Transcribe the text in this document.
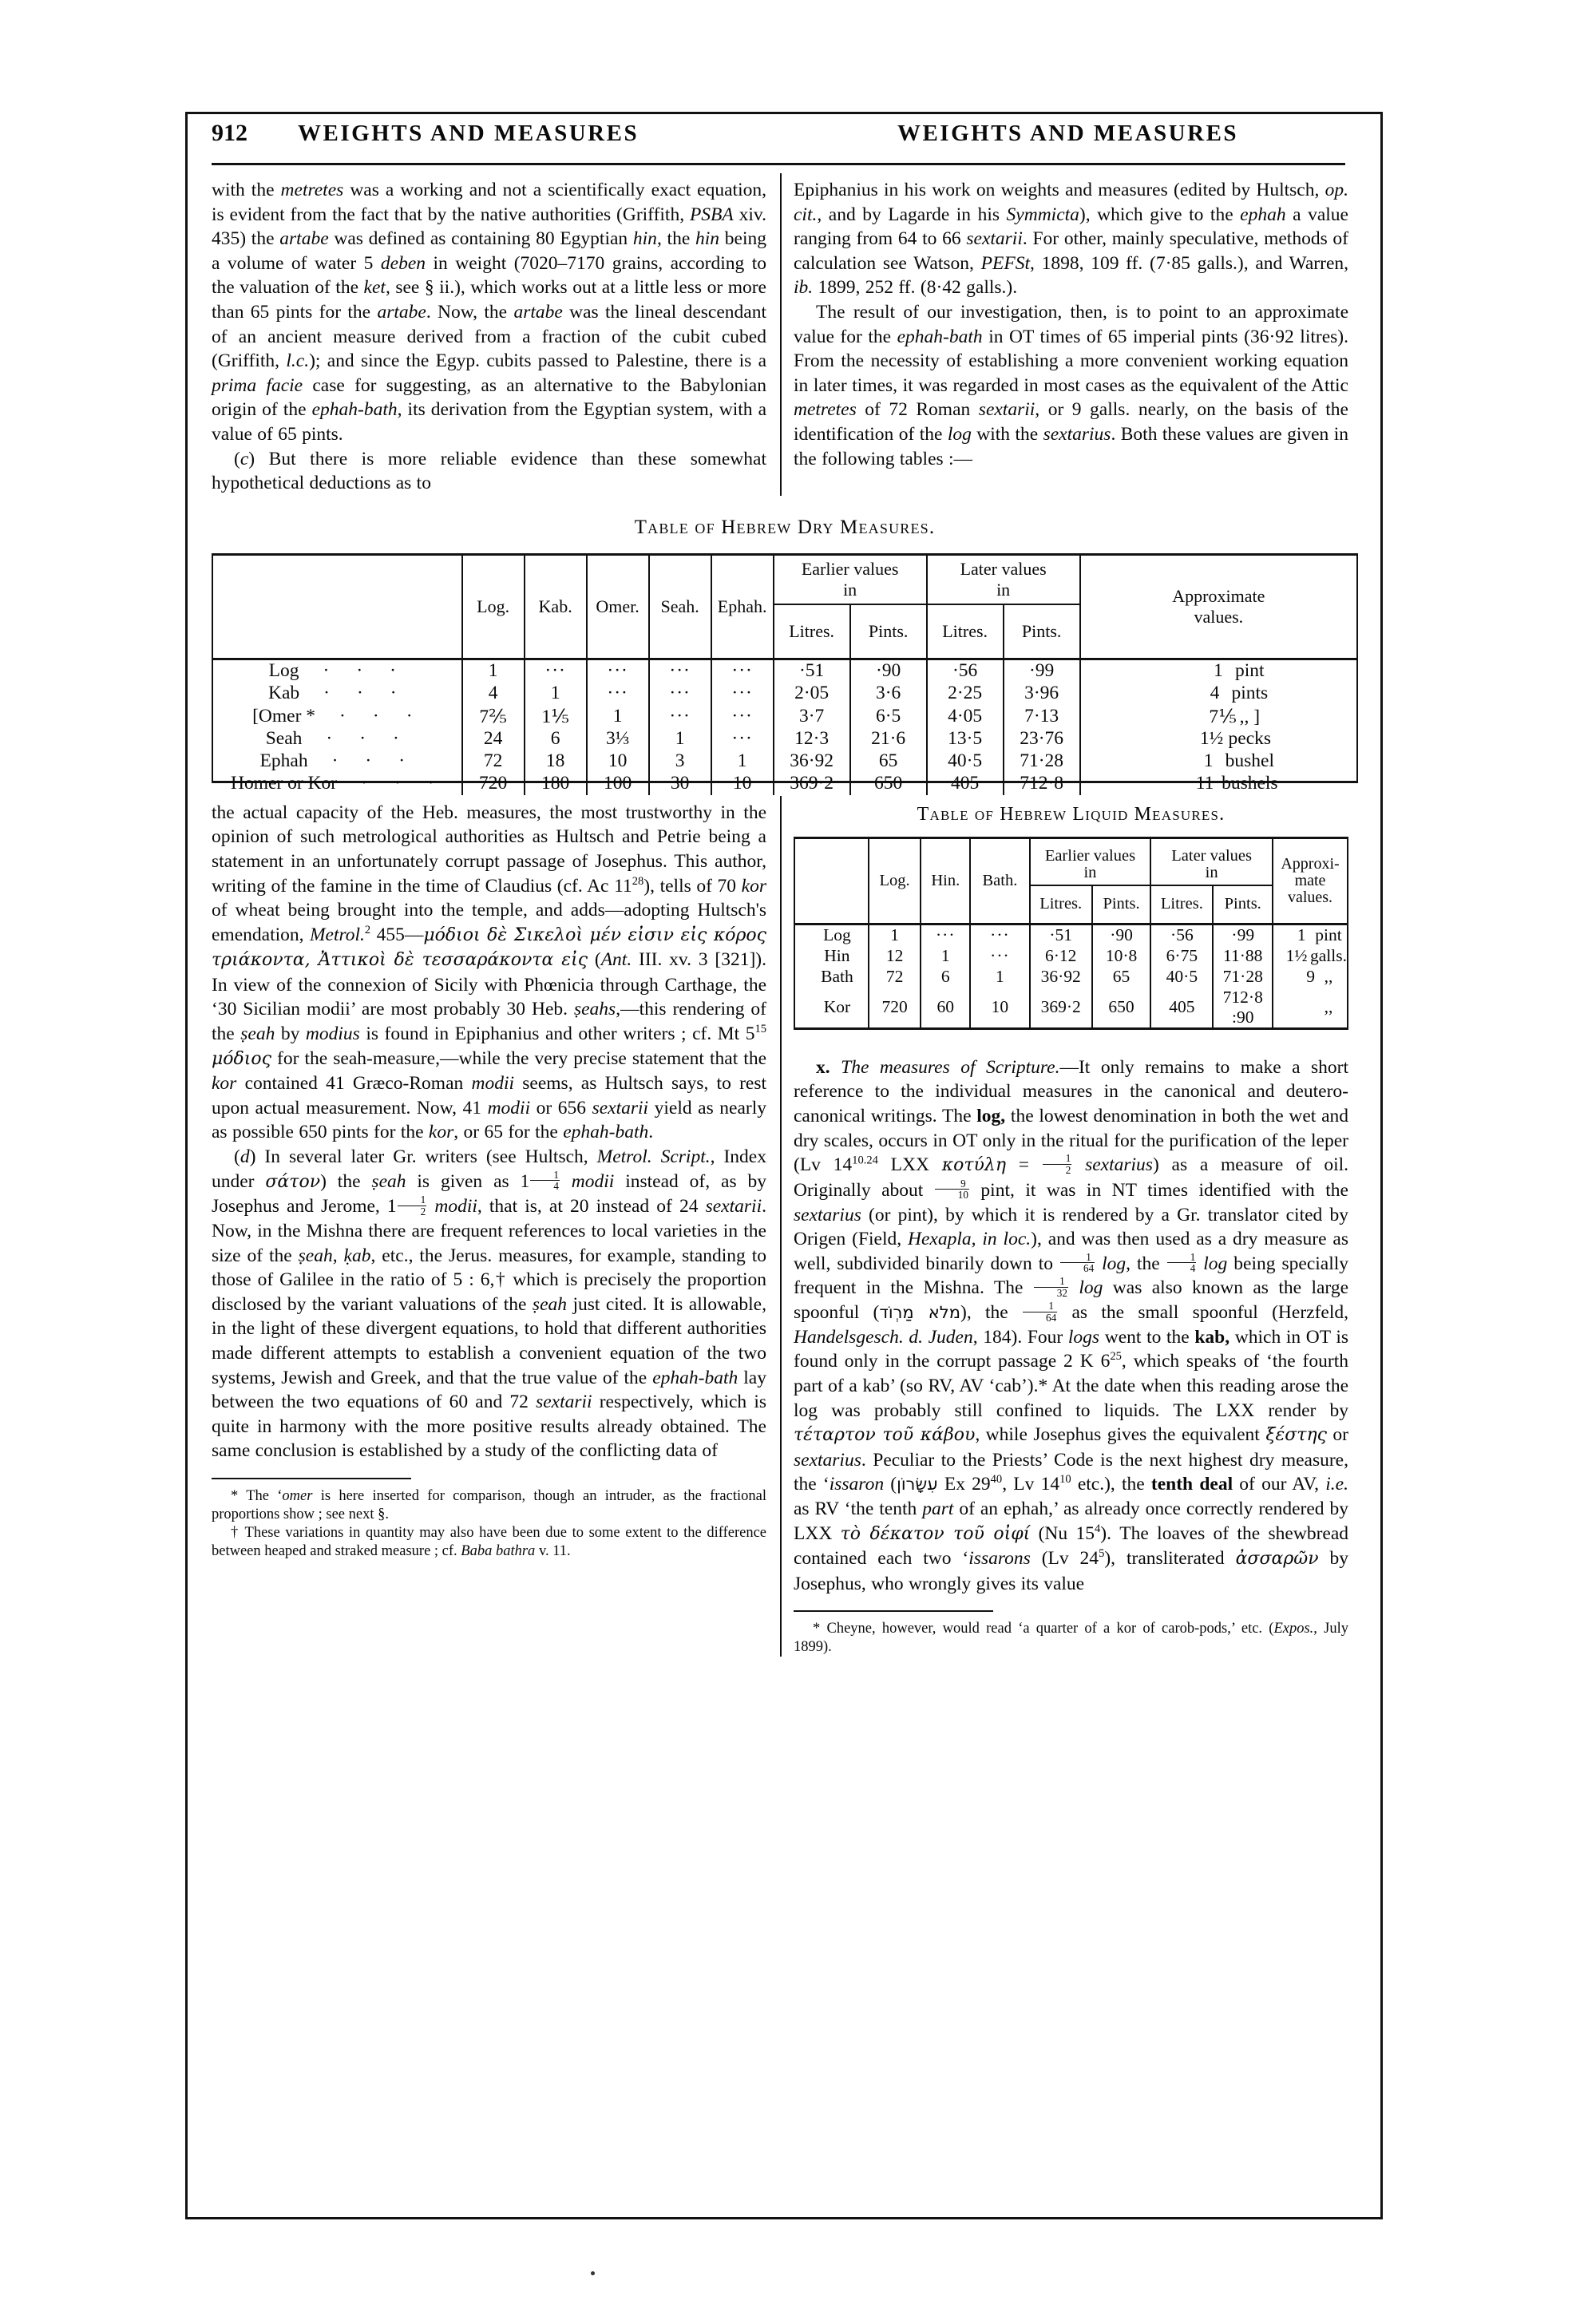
912	WEIGHTS AND MEASURES	WEIGHTS AND MEASURES

with the metretes was a working and not a scientifically exact equation, is evident from the fact that by the native authorities (Griffith, PSBA xiv. 435) the artabe was defined as containing 80 Egyptian hin, the hin being a volume of water 5 deben in weight (7020–7170 grains, according to the valuation of the ket, see § ii.), which works out at a little less or more than 65 pints for the artabe. Now, the artabe was the lineal descendant of an ancient measure derived from a fraction of the cubit cubed (Griffith, l.c.); and since the Egyp. cubits passed to Palestine, there is a prima facie case for suggesting, as an alternative to the Babylonian origin of the ephah-bath, its derivation from the Egyptian system, with a value of 65 pints.

(c) But there is more reliable evidence than these somewhat hypothetical deductions as to

Epiphanius in his work on weights and measures (edited by Hultsch, op. cit., and by Lagarde in his Symmicta), which give to the ephah a value ranging from 64 to 66 sextarii. For other, mainly speculative, methods of calculation see Watson, PEFSt, 1898, 109 ff. (7·85 galls.), and Warren, ib. 1899, 252 ff. (8·42 galls.).

The result of our investigation, then, is to point to an approximate value for the ephah-bath in OT times of 65 imperial pints (36·92 litres). From the necessity of establishing a more convenient working equation in later times, it was regarded in most cases as the equivalent of the Attic metretes of 72 Roman sextarii, or 9 galls. nearly, on the basis of the identification of the log with the sextarius. Both these values are given in the following tables :—

Table of Hebrew Dry Measures.
	Log.	Kab.	Omer.	Seah.	Ephah.	Earlier values
in		Later values
in		Approximate
values.
						Litres.	Pints.	Litres.	Pints.	

Log ···	1	···	···	···	···	·51	·90	·56	·99	1 pint
Kab ···	4	1	···	···	···	2·05	3·6	2·25	3·96	4 pints
[Omer * ···	7⅖	1⅕	1	···	···	3·7	6·5	4·05	7·13	7⅕ ,, ]
Seah ···	24	6	3⅓	1	···	12·3	21·6	13·5	23·76	1½ pecks
Ephah ···	72	18	10	3	1	36·92	65	40·5	71·28	1 bushel
Homer or Kor ···	720	180	100	30	10	369·2	650	405	712·8	11 bushels

the actual capacity of the Heb. measures, the most trustworthy in the opinion of such metrological authorities as Hultsch and Petrie being a statement in an unfortunately corrupt passage of Josephus. This author, writing of the famine in the time of Claudius (cf. Ac $11^{28}$), tells of 70 kor of wheat being brought into the temple, and adds—adopting Hultsch's emendation, Metrol.$^2$ 455—μόδιοι δὲ Σικελοὶ μέν εἰσιν εἰς κόρος τριάκοντα, Ἀττικοὶ δὲ τεσσαράκοντα εἰς (Ant. III. xv. 3 [321]). In view of the connexion of Sicily with Phœnicia through Carthage, the ‘30 Sicilian modii’ are most probably 30 Heb. ṣeahs,—this rendering of the ṣeah by modius is found in Epiphanius and other writers ; cf. Mt $5^{15}$ μόδιος for the seah-measure,—while the very precise statement that the kor contained 41 Græco-Roman modii seems, as Hultsch says, to rest upon actual measurement. Now, 41 modii or 656 sextarii yield as nearly as possible 650 pints for the kor, or 65 for the ephah-bath.

(d) In several later Gr. writers (see Hultsch, Metrol. Script., Index under σάτον) the ṣeah is given as $1 \frac{1}{4}$ modii instead of, as by Josephus and Jerome, $1 \frac{1}{2}$ modii, that is, at 20 instead of 24 sextarii. Now, in the Mishna there are frequent references to local varieties in the size of the ṣeah, ḳab, etc., the Jerus. measures, for example, standing to those of Galilee in the ratio of 5 : 6,† which is precisely the proportion disclosed by the variant valuations of the ṣeah just cited. It is allowable, in the light of these divergent equations, to hold that different authorities made different attempts to establish a convenient equation of the two systems, Jewish and Greek, and that the true value of the ephah-bath lay between the two equations of 60 and 72 sextarii respectively, which is quite in harmony with the more positive results already obtained. The same conclusion is established by a study of the conflicting data of

* The ‘omer is here inserted for comparison, though an intruder, as the fractional proportions show ; see next §.

† These variations in quantity may also have been due to some extent to the difference between heaped and straked measure ; cf. Baba bathra v. 11.

Table of Hebrew Liquid Measures.
	Log.	Hin.	Bath.	Earlier values
in		Later values
in		Approxi-
mate
values.
				Litres.	Pints.	Litres.	Pints.	

Log	1	···	···	·51	·90	·56	·99	1 pint
Hin	12	1	···	6·12	10·8	6·75	11·88	1½ galls.
Bath	72	6	1	36·92	65	40·5	71·28	9 ,,
Kor	720	60	10	369·2	650	405	712·8 :90	,,

x. The measures of Scripture.—It only remains to make a short reference to the individual measures in the canonical and deutero-canonical writings. The log, the lowest denomination in both the wet and dry scales, occurs in OT only in the ritual for the purification of the leper (Lv $14^{10.24}$ LXX $\kappa o\tau ύ\lambda\eta = \frac{1}{2}$ sextarius) as a measure of oil. Originally about $\frac{9}{10}$ pint, it was in NT times identified with the sextarius (or pint), by which it is rendered by a Gr. translator cited by Origen (Field, Hexapla, in loc.), and was then used as a dry measure as well, subdivided binarily down to $\frac{1}{64} \log$, the $\frac{1}{4}$ log being specially frequent in the Mishna. The $\frac{1}{32}$ log was also known as the large spoonful (מלא מַרְוֹד), the $\frac{1}{64}$ as the small spoonful (Herzfeld, Handelsgesch. d. Juden, 184). Four logs went to the kab, which in OT is found only in the corrupt passage 2 K $6^{25}$, which speaks of ‘the fourth part of a kab’ (so RV, AV ‘cab’).* At the date when this reading arose the log was probably still confined to liquids. The LXX render by τέταρτον τοῦ κάβου, while Josephus gives the equivalent ξέστης or sextarius. Peculiar to the Priests’ Code is the next highest dry measure, the ‘issaron (עִשָׂרוֹן Ex $29^{40}$, Lv $14^{10}$ etc.), the tenth deal of our AV, i.e. as RV ‘the tenth part of an ephah,’ as already once correctly rendered by LXX τὸ δέκατον τοῦ οἰφί (Nu $15^4$). The loaves of the shewbread contained each two ‘issarons (Lv $24^5$), transliterated ἀσσαρῶν by Josephus, who wrongly gives its value

* Cheyne, however, would read ‘a quarter of a kor of carob-pods,’ etc. (Expos., July 1899).
